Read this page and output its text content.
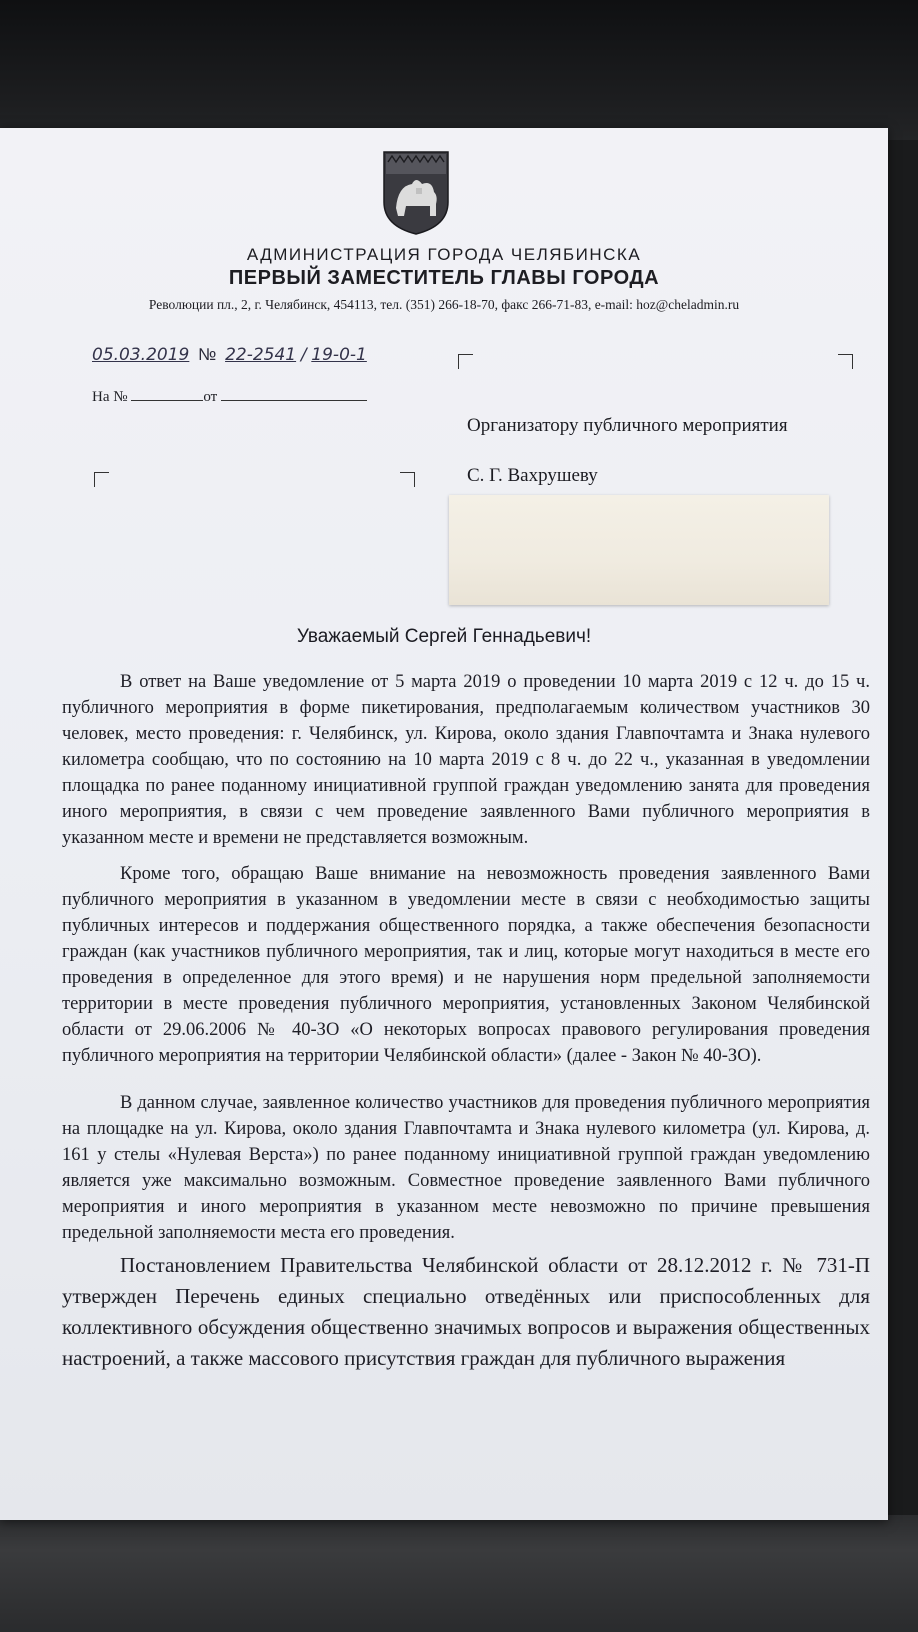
АДМИНИСТРАЦИЯ ГОРОДА ЧЕЛЯБИНСКА
ПЕРВЫЙ ЗАМЕСТИТЕЛЬ ГЛАВЫ ГОРОДА
Революции пл., 2, г. Челябинск, 454113, тел. (351) 266-18-70, факс 266-71-83, e-mail: hoz@cheladmin.ru
05.03.2019 № 22-2541 / 19-0-1
На №	от
Организатору публичного мероприятия
С. Г. Вахрушеву
Уважаемый Сергей Геннадьевич!

В ответ на Ваше уведомление от 5 марта 2019 о проведении 10 марта 2019 с 12 ч. до 15 ч. публичного мероприятия в форме пикетирования, предполагаемым количеством участников 30 человек, место проведения: г. Челябинск, ул. Кирова, около здания Главпочтамта и Знака нулевого километра сообщаю, что по состоянию на 10 марта 2019 с 8 ч. до 22 ч., указанная в уведомлении площадка по ранее поданному инициативной группой граждан уведомлению занята для проведения иного мероприятия, в связи с чем проведение заявленного Вами публичного мероприятия в указанном месте и времени не представляется возможным.

Кроме того, обращаю Ваше внимание на невозможность проведения заявленного Вами публичного мероприятия в указанном в уведомлении месте в связи с необходимостью защиты публичных интересов и поддержания общественного порядка, а также обеспечения безопасности граждан (как участников публичного мероприятия, так и лиц, которые могут находиться в месте его проведения в определенное для этого время) и не нарушения норм предельной заполняемости территории в месте проведения публичного мероприятия, установленных Законом Челябинской области от 29.06.2006 № 40-ЗО «О некоторых вопросах правового регулирования проведения публичного мероприятия на территории Челябинской области» (далее - Закон № 40-ЗО).

В данном случае, заявленное количество участников для проведения публичного мероприятия на площадке на ул. Кирова, около здания Главпочтамта и Знака нулевого километра (ул. Кирова, д. 161 у стелы «Нулевая Верста») по ранее поданному инициативной группой граждан уведомлению является уже максимально возможным. Совместное проведение заявленного Вами публичного мероприятия и иного мероприятия в указанном месте невозможно по причине превышения предельной заполняемости места его проведения.

Постановлением Правительства Челябинской области от 28.12.2012 г. № 731-П утвержден Перечень единых специально отведённых или приспособленных для коллективного обсуждения общественно значимых вопросов и выражения общественных настроений, а также массового присутствия граждан для публичного выражения
